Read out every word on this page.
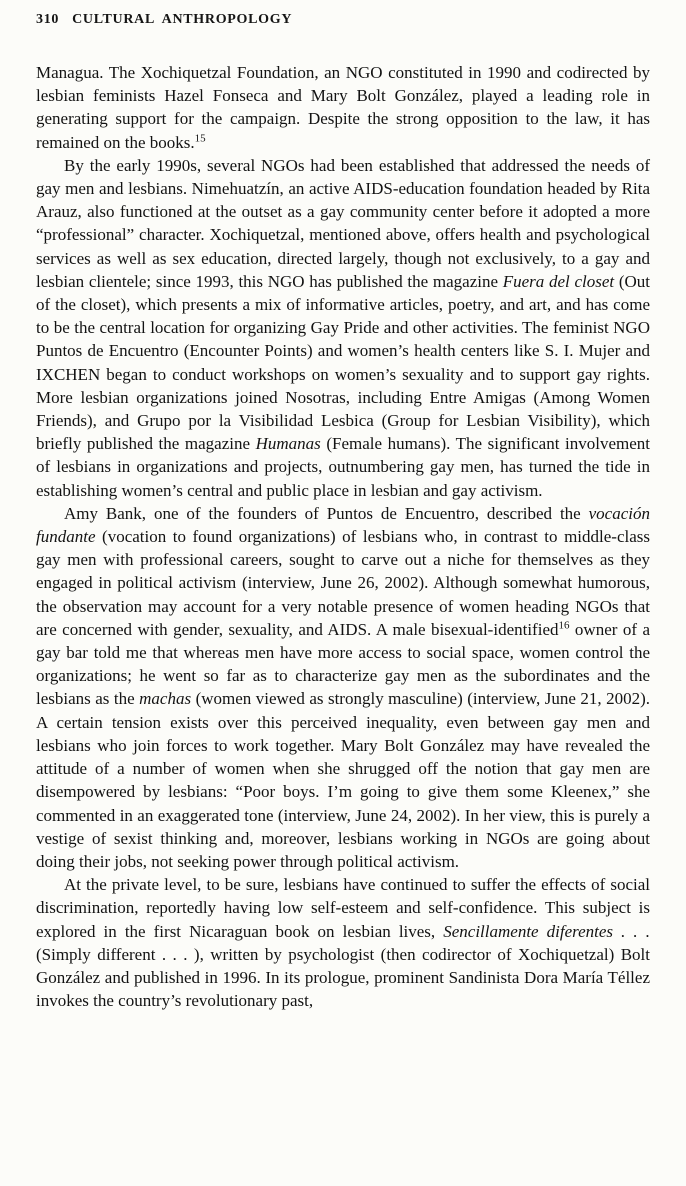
310 CULTURAL ANTHROPOLOGY

Managua. The Xochiquetzal Foundation, an NGO constituted in 1990 and codirected by lesbian feminists Hazel Fonseca and Mary Bolt González, played a leading role in generating support for the campaign. Despite the strong opposition to the law, it has remained on the books.$^{15}$

By the early 1990s, several NGOs had been established that addressed the needs of gay men and lesbians. Nimehuatzín, an active AIDS-education foundation headed by Rita Arauz, also functioned at the outset as a gay community center before it adopted a more “professional” character. Xochiquetzal, mentioned above, offers health and psychological services as well as sex education, directed largely, though not exclusively, to a gay and lesbian clientele; since 1993, this NGO has published the magazine Fuera del closet (Out of the closet), which presents a mix of informative articles, poetry, and art, and has come to be the central location for organizing Gay Pride and other activities. The feminist NGO Puntos de Encuentro (Encounter Points) and women’s health centers like S. I. Mujer and IXCHEN began to conduct workshops on women’s sexuality and to support gay rights. More lesbian organizations joined Nosotras, including Entre Amigas (Among Women Friends), and Grupo por la Visibilidad Lesbica (Group for Lesbian Visibility), which briefly published the magazine Humanas (Female humans). The significant involvement of lesbians in organizations and projects, outnumbering gay men, has turned the tide in establishing women’s central and public place in lesbian and gay activism.

Amy Bank, one of the founders of Puntos de Encuentro, described the vocación fundante (vocation to found organizations) of lesbians who, in contrast to middle-class gay men with professional careers, sought to carve out a niche for themselves as they engaged in political activism (interview, June 26, 2002). Although somewhat humorous, the observation may account for a very notable presence of women heading NGOs that are concerned with gender, sexuality, and AIDS. A male bisexual-identified$^{16}$ owner of a gay bar told me that whereas men have more access to social space, women control the organizations; he went so far as to characterize gay men as the subordinates and the lesbians as the machas (women viewed as strongly masculine) (interview, June 21, 2002). A certain tension exists over this perceived inequality, even between gay men and lesbians who join forces to work together. Mary Bolt González may have revealed the attitude of a number of women when she shrugged off the notion that gay men are disempowered by lesbians: “Poor boys. I’m going to give them some Kleenex,” she commented in an exaggerated tone (interview, June 24, 2002). In her view, this is purely a vestige of sexist thinking and, moreover, lesbians working in NGOs are going about doing their jobs, not seeking power through political activism.

At the private level, to be sure, lesbians have continued to suffer the effects of social discrimination, reportedly having low self-esteem and self-confidence. This subject is explored in the first Nicaraguan book on lesbian lives, Sencillamente diferentes . . . (Simply different . . . ), written by psychologist (then codirector of Xochiquetzal) Bolt González and published in 1996. In its prologue, prominent Sandinista Dora María Téllez invokes the country’s revolutionary past,
